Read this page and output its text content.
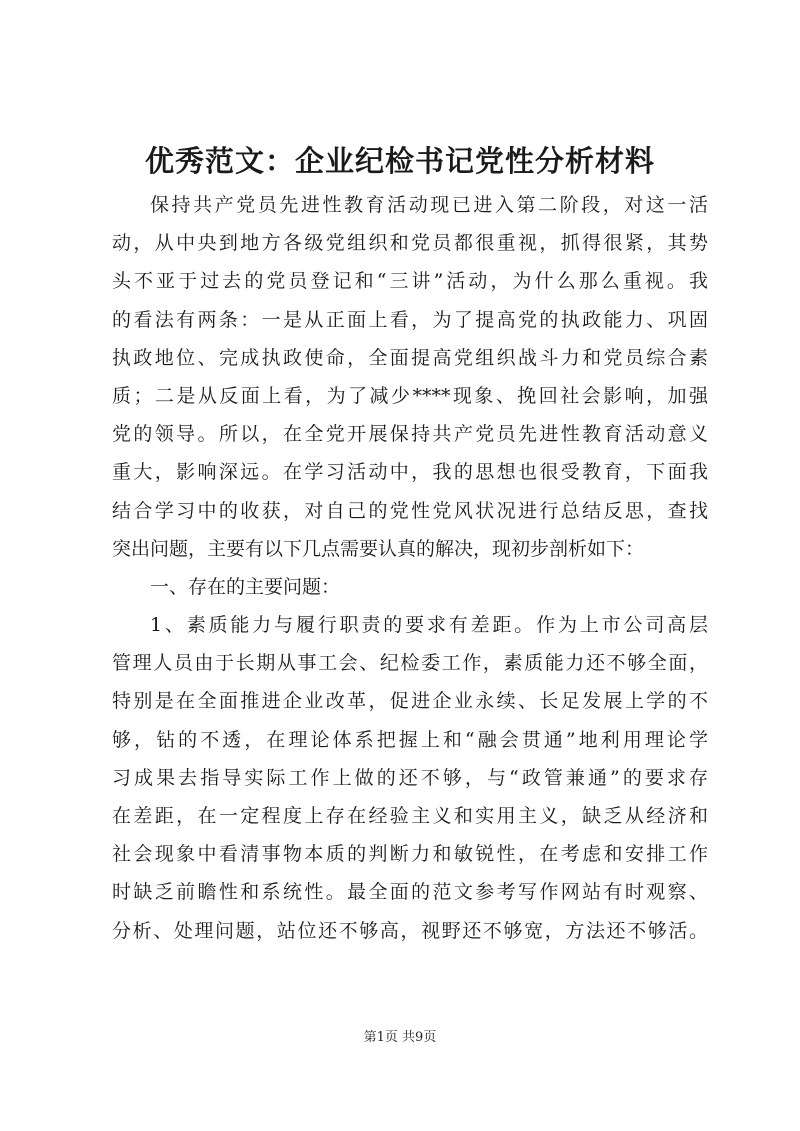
优秀范文：企业纪检书记党性分析材料
保持共产党员先进性教育活动现已进入第二阶段，对这一活
动，从中央到地方各级党组织和党员都很重视，抓得很紧，其势
头不亚于过去的党员登记和“三讲”活动，为什么那么重视。我
的看法有两条：一是从正面上看，为了提高党的执政能力、巩固
执政地位、完成执政使命，全面提高党组织战斗力和党员综合素
质；二是从反面上看，为了减少****现象、挽回社会影响，加强
党的领导。所以，在全党开展保持共产党员先进性教育活动意义
重大，影响深远。在学习活动中，我的思想也很受教育，下面我
结合学习中的收获，对自己的党性党风状况进行总结反思，查找
突出问题，主要有以下几点需要认真的解决，现初步剖析如下：
一、存在的主要问题：
1、素质能力与履行职责的要求有差距。作为上市公司高层
管理人员由于长期从事工会、纪检委工作，素质能力还不够全面，
特别是在全面推进企业改革，促进企业永续、长足发展上学的不
够，钻的不透，在理论体系把握上和“融会贯通”地利用理论学
习成果去指导实际工作上做的还不够，与“政管兼通”的要求存
在差距，在一定程度上存在经验主义和实用主义，缺乏从经济和
社会现象中看清事物本质的判断力和敏锐性，在考虑和安排工作
时缺乏前瞻性和系统性。最全面的范文参考写作网站有时观察、
分析、处理问题，站位还不够高，视野还不够宽，方法还不够活。
第1页 共9页
